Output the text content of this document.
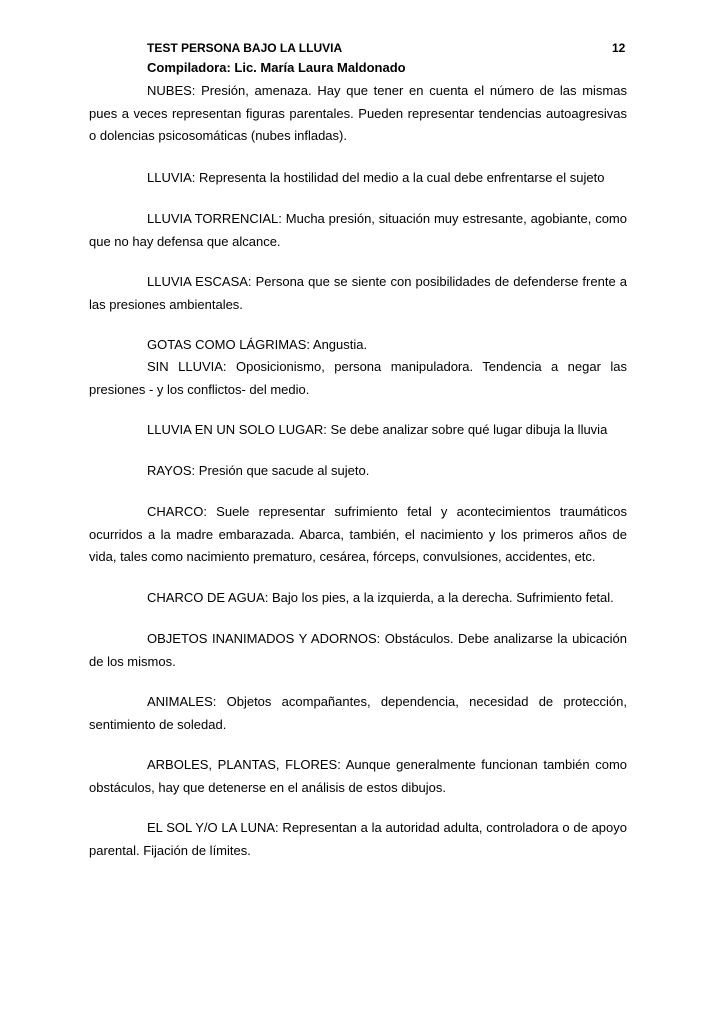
TEST PERSONA BAJO LA LLUVIA	12
Compiladora: Lic. María Laura Maldonado

NUBES: Presión, amenaza. Hay que tener en cuenta el número de las mismas pues a veces representan figuras parentales. Pueden representar tendencias autoagresivas o dolencias psicosomáticas (nubes infladas).

LLUVIA: Representa la hostilidad del medio a la cual debe enfrentarse el sujeto

LLUVIA TORRENCIAL: Mucha presión, situación muy estresante, agobiante, como que no hay defensa que alcance.

LLUVIA ESCASA: Persona que se siente con posibilidades de defenderse frente a las presiones ambientales.

GOTAS COMO LÁGRIMAS: Angustia.

SIN LLUVIA: Oposicionismo, persona manipuladora. Tendencia a negar las presiones - y los conflictos- del medio.

LLUVIA EN UN SOLO LUGAR: Se debe analizar sobre qué lugar dibuja la lluvia

RAYOS: Presión que sacude al sujeto.

CHARCO: Suele representar sufrimiento fetal y acontecimientos traumáticos ocurridos a la madre embarazada. Abarca, también, el nacimiento y los primeros años de vida, tales como nacimiento prematuro, cesárea, fórceps, convulsiones, accidentes, etc.

CHARCO DE AGUA: Bajo los pies, a la izquierda, a la derecha. Sufrimiento fetal.

OBJETOS INANIMADOS Y ADORNOS: Obstáculos. Debe analizarse la ubicación de los mismos.

ANIMALES: Objetos acompañantes, dependencia, necesidad de protección, sentimiento de soledad.

ARBOLES, PLANTAS, FLORES: Aunque generalmente funcionan también como obstáculos, hay que detenerse en el análisis de estos dibujos.

EL SOL Y/O LA LUNA: Representan a la autoridad adulta, controladora o de apoyo parental. Fijación de límites.
